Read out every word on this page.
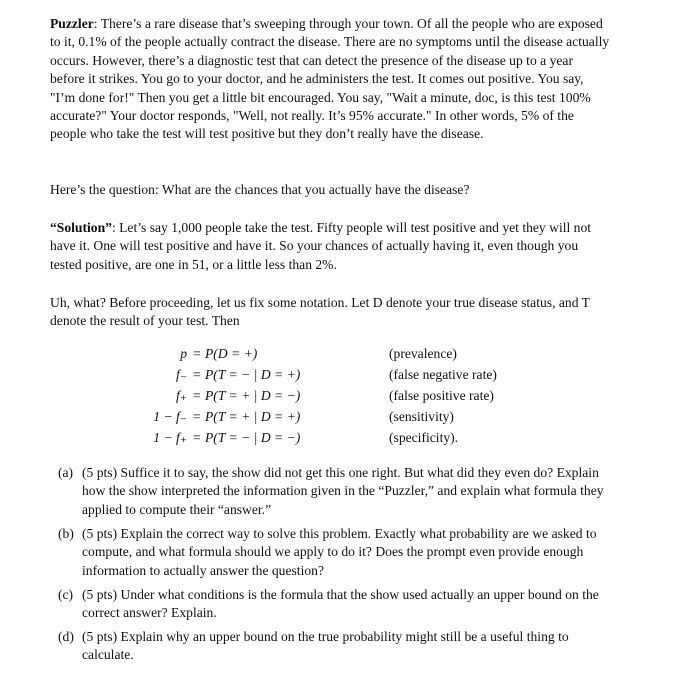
Puzzler: There’s a rare disease that’s sweeping through your town. Of all the people who are exposed to it, 0.1% of the people actually contract the disease. There are no symptoms until the disease actually occurs. However, there’s a diagnostic test that can detect the presence of the disease up to a year before it strikes. You go to your doctor, and he administers the test. It comes out positive. You say, "I’m done for!" Then you get a little bit encouraged. You say, "Wait a minute, doc, is this test 100% accurate?" Your doctor responds, "Well, not really. It’s 95% accurate." In other words, 5% of the people who take the test will test positive but they don’t really have the disease.

Here’s the question: What are the chances that you actually have the disease?

“Solution”: Let’s say 1,000 people take the test. Fifty people will test positive and yet they will not have it. One will test positive and have it. So your chances of actually having it, even though you tested positive, are one in 51, or a little less than 2%.

Uh, what? Before proceeding, let us fix some notation. Let D denote your true disease status, and T denote the result of your test. Then

p = P(D = +)	(prevalence)
f₋ = P(T = − | D = +)	(false negative rate)
f₊ = P(T = + | D = −)	(false positive rate)
1 − f₋ = P(T = + | D = +)	(sensitivity)
1 − f₊ = P(T = − | D = −)	(specificity).
(a) (5 pts) Suffice it to say, the show did not get this one right. But what did they even do? Explain how the show interpreted the information given in the “Puzzler,” and explain what formula they applied to compute their “answer.”
(b) (5 pts) Explain the correct way to solve this problem. Exactly what probability are we asked to compute, and what formula should we apply to do it? Does the prompt even provide enough information to actually answer the question?
(c) (5 pts) Under what conditions is the formula that the show used actually an upper bound on the correct answer? Explain.
(d) (5 pts) Explain why an upper bound on the true probability might still be a useful thing to calculate.
